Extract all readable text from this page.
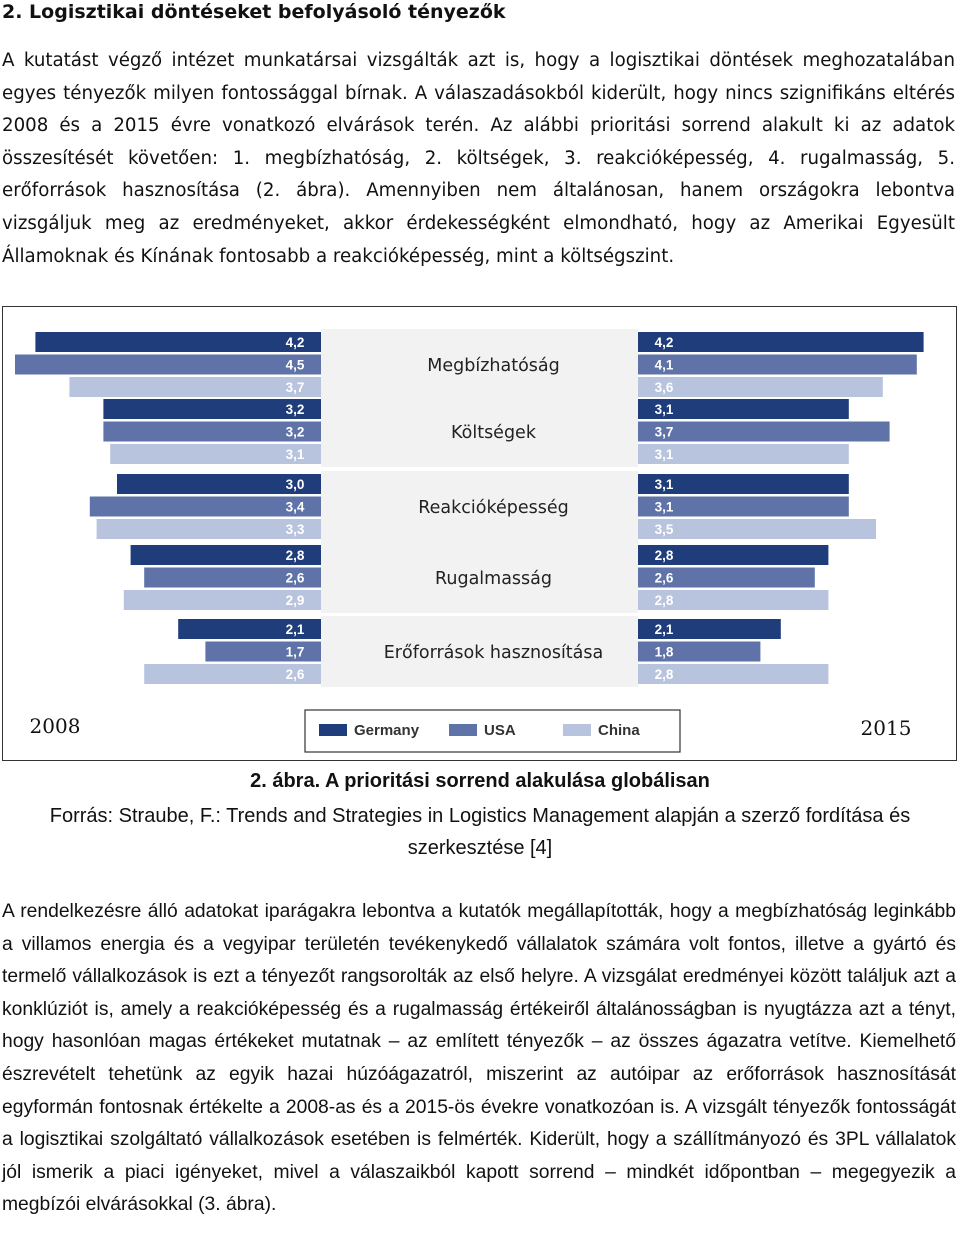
2. Logisztikai döntéseket befolyásoló tényezők

A kutatást végző intézet munkatársai vizsgálták azt is, hogy a logisztikai döntések meghozatalában egyes tényezők milyen fontossággal bírnak. A válaszadásokból kiderült, hogy nincs szignifikáns eltérés 2008 és a 2015 évre vonatkozó elvárások terén. Az alábbi prioritási sorrend alakult ki az adatok összesítését követően: 1. megbízhatóság, 2. költségek, 3. reakcióképesség, 4. rugalmasság, 5. erőforrások hasznosítása (2. ábra). Amennyiben nem általánosan, hanem országokra lebontva vizsgáljuk meg az eredményeket, akkor érdekességként elmondható, hogy az Amerikai Egyesült Államoknak és Kínának fontosabb a reakcióképesség, mint a költségszint.

4,2	4,2
4,5	4,1
3,7	3,6
Megbízhatóság
3,2	3,1
3,2	3,7
3,1	3,1
Költségek
3,0	3,1
3,4	3,1
3,3	3,5
Reakcióképesség
2,8	2,8
2,6	2,6
2,9	2,8
Rugalmasság
2,1	2,1
1,7	1,8
2,6	2,8
Erőforrások hasznosítása
2008	2015
Germany	USA	China
2. ábra. A prioritási sorrend alakulása globálisan
Forrás: Straube, F.: Trends and Strategies in Logistics Management alapján a szerző fordítása és szerkesztése [4]

A rendelkezésre álló adatokat iparágakra lebontva a kutatók megállapították, hogy a megbízhatóság leginkább a villamos energia és a vegyipar területén tevékenykedő vállalatok számára volt fontos, illetve a gyártó és termelő vállalkozások is ezt a tényezőt rangsorolták az első helyre. A vizsgálat eredményei között találjuk azt a konklúziót is, amely a reakcióképesség és a rugalmasság értékeiről általánosságban is nyugtázza azt a tényt, hogy hasonlóan magas értékeket mutatnak – az említett tényezők – az összes ágazatra vetítve. Kiemelhető észrevételt tehetünk az egyik hazai húzóágazatról, miszerint az autóipar az erőforrások hasznosítását egyformán fontosnak értékelte a 2008-as és a 2015-ös évekre vonatkozóan is. A vizsgált tényezők fontosságát a logisztikai szolgáltató vállalkozások esetében is felmérték. Kiderült, hogy a szállítmányozó és 3PL vállalatok jól ismerik a piaci igényeket, mivel a válaszaikból kapott sorrend – mindkét időpontban – megegyezik a megbízói elvárásokkal (3. ábra).
